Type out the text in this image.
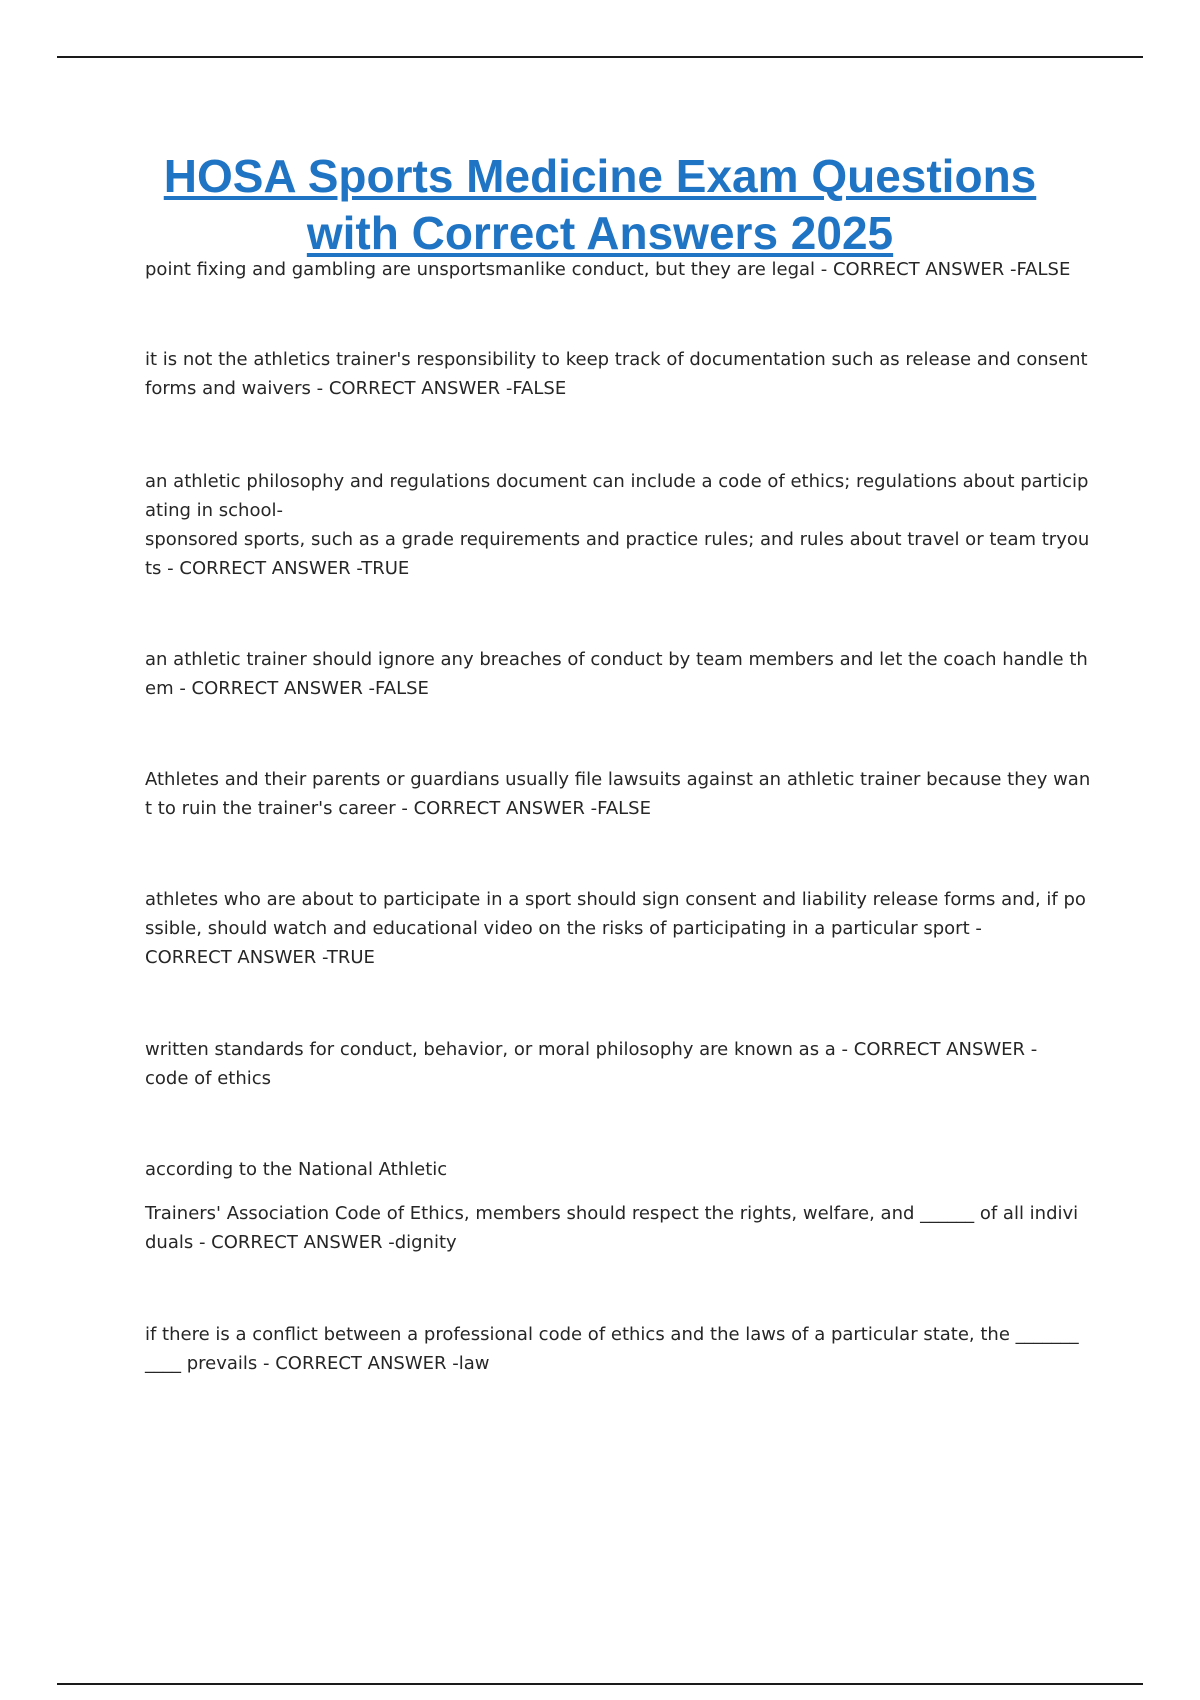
HOSA Sports Medicine Exam Questions
with Correct Answers 2025
point fixing and gambling are unsportsmanlike conduct, but they are legal - CORRECT ANSWER -FALSE
it is not the athletics trainer's responsibility to keep track of documentation such as release and consent
forms and waivers - CORRECT ANSWER -FALSE
an athletic philosophy and regulations document can include a code of ethics; regulations about particip
ating in school-
sponsored sports, such as a grade requirements and practice rules; and rules about travel or team tryou
ts - CORRECT ANSWER -TRUE
an athletic trainer should ignore any breaches of conduct by team members and let the coach handle th
em - CORRECT ANSWER -FALSE
Athletes and their parents or guardians usually file lawsuits against an athletic trainer because they wan
t to ruin the trainer's career - CORRECT ANSWER -FALSE
athletes who are about to participate in a sport should sign consent and liability release forms and, if po
ssible, should watch and educational video on the risks of participating in a particular sport -
CORRECT ANSWER -TRUE
written standards for conduct, behavior, or moral philosophy are known as a - CORRECT ANSWER -
code of ethics
according to the National Athletic
Trainers' Association Code of Ethics, members should respect the rights, welfare, and ______ of all indivi
duals - CORRECT ANSWER -dignity
if there is a conflict between a professional code of ethics and the laws of a particular state, the _______
____ prevails - CORRECT ANSWER -law
